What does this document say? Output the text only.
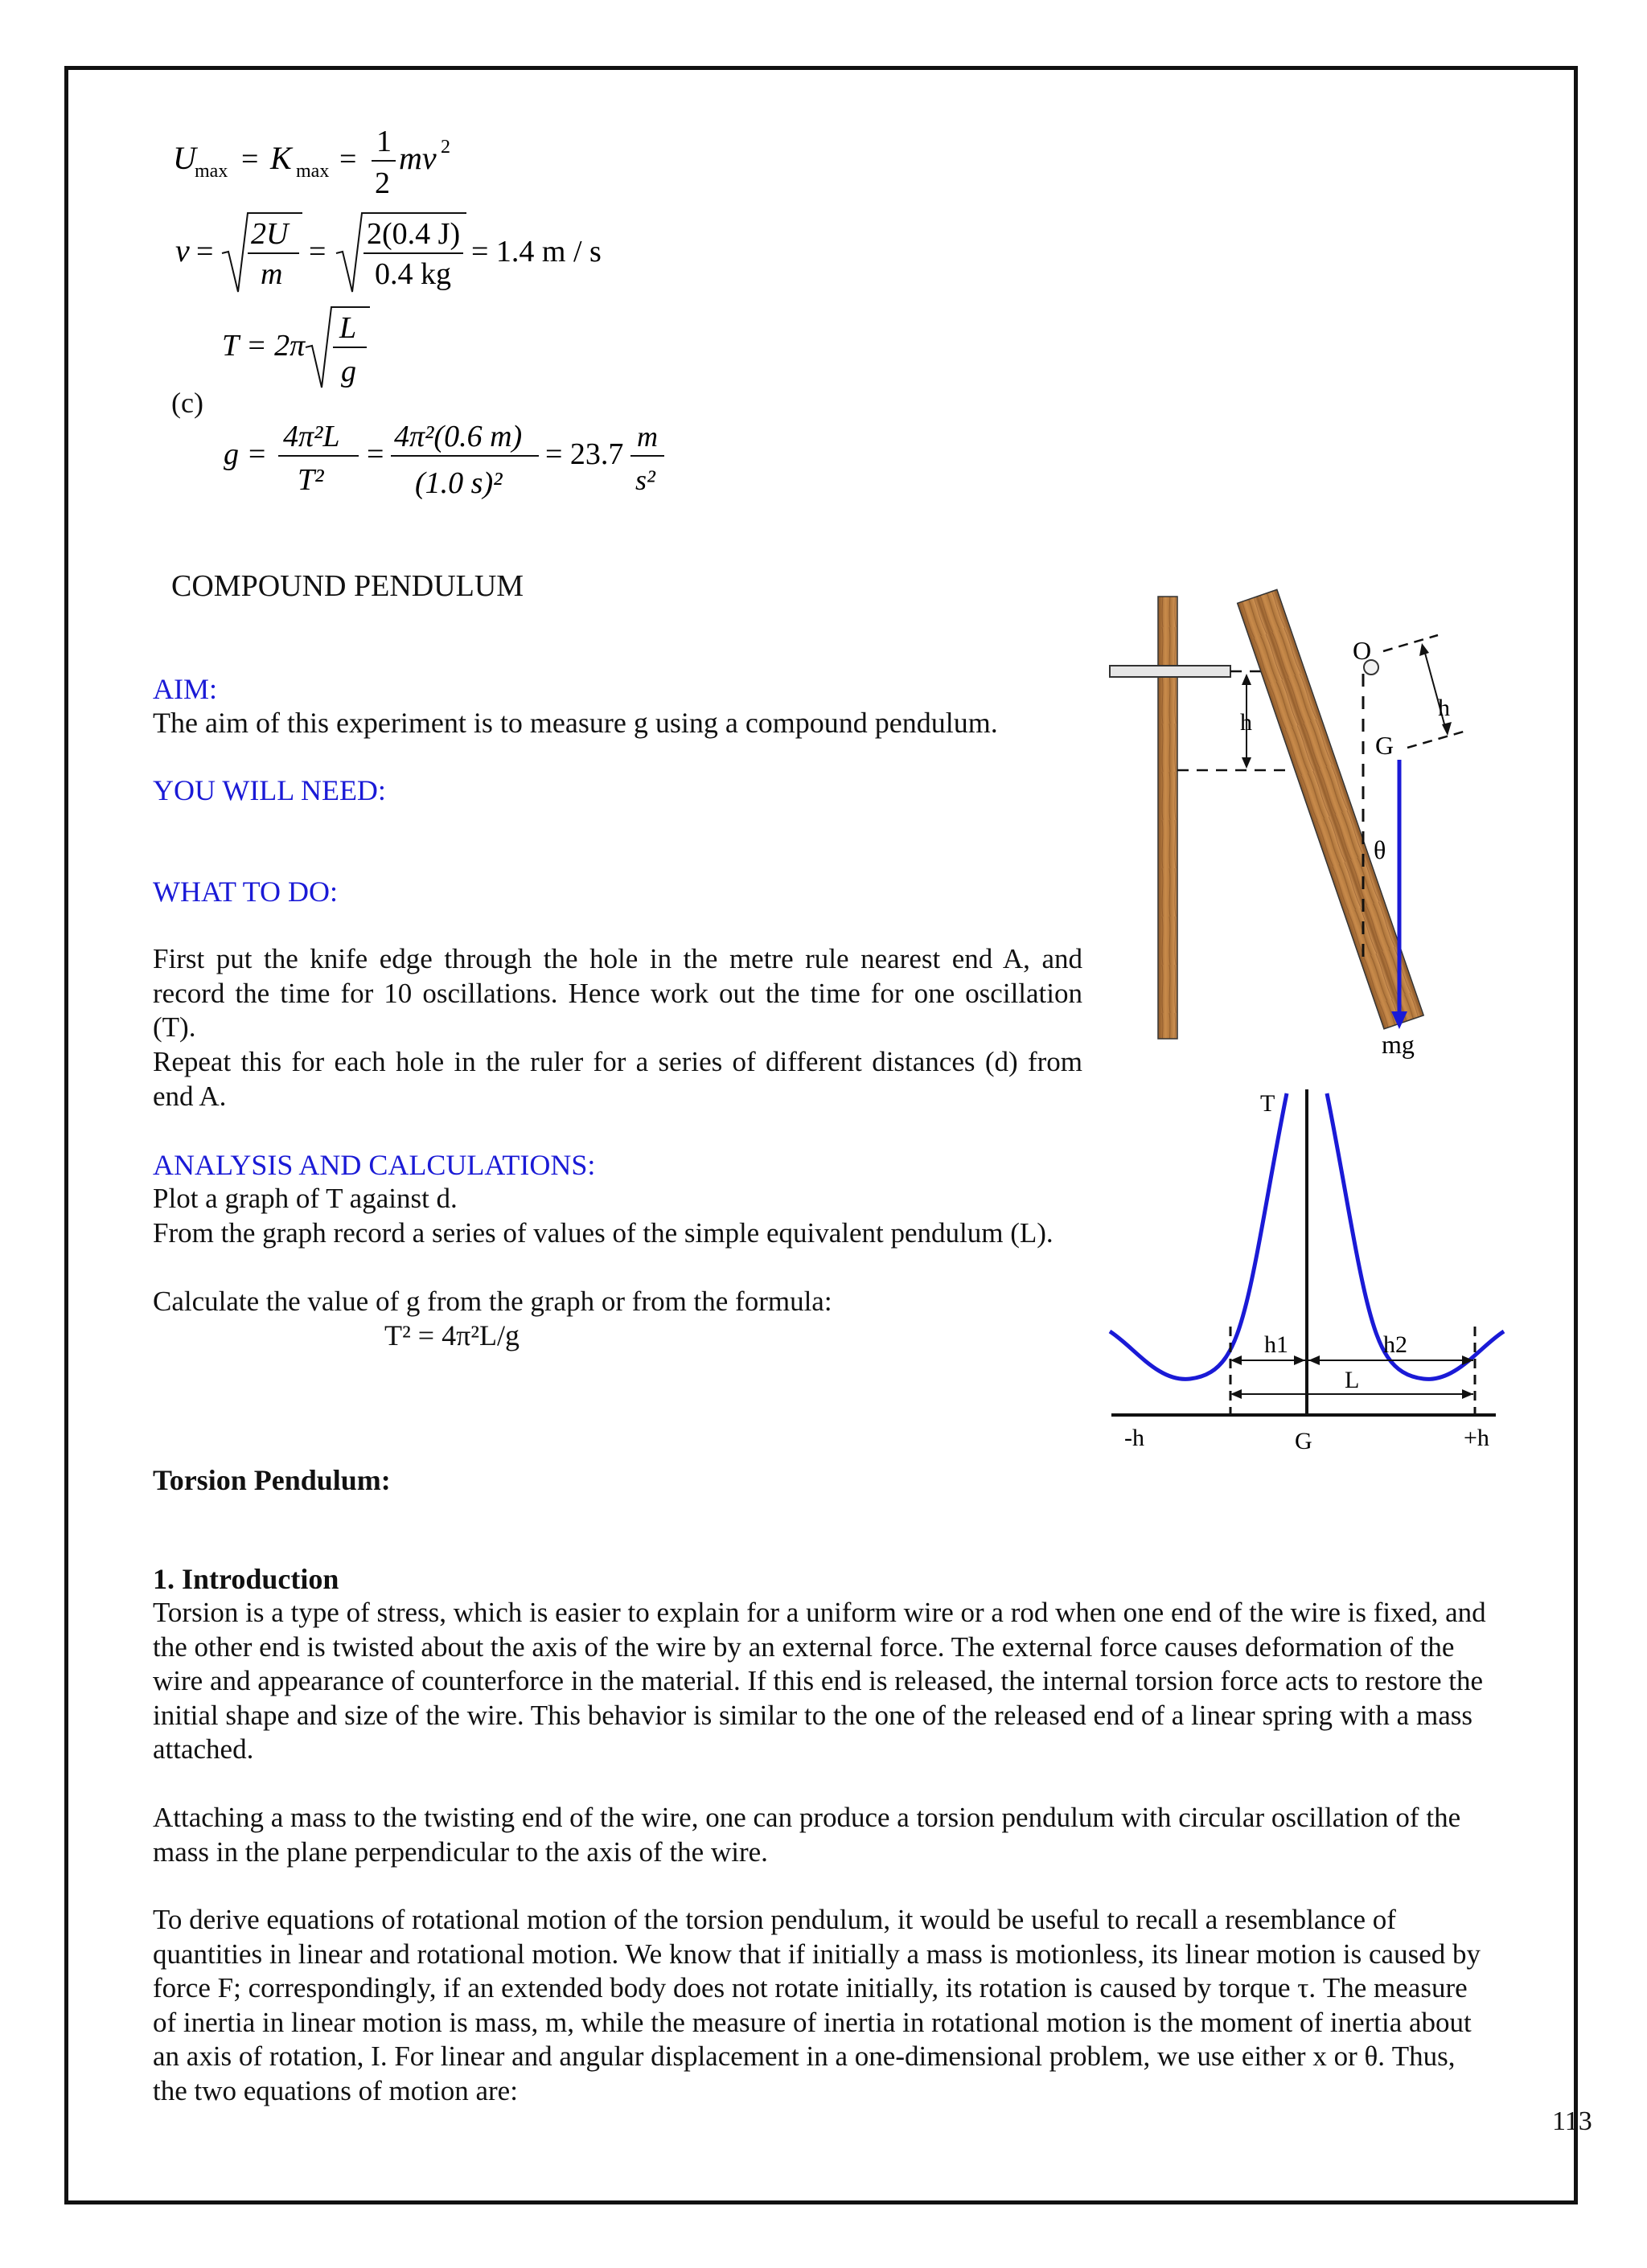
U
max = K max =
1
2
mv 2
v =
2U
m
=
2(0.4 J)
0.4 kg
= 1.4 m / s
T = 2π
L
g
(c)
g =
4π²L
T²
=
4π²(0.6 m)
(1.0 s)²
= 23.7
m
s²
COMPOUND PENDULUM
AIM:
The aim of this experiment is to measure g using a compound pendulum.
YOU WILL NEED:
WHAT TO DO:

First put the knife edge through the hole in the metre rule nearest end A, and record the time for 10 oscillations. Hence work out the time for one oscillation (T).

Repeat this for each hole in the ruler for a series of different distances (d) from end A.

ANALYSIS AND CALCULATIONS:

Plot a graph of T against d.

From the graph record a series of values of the simple equivalent pendulum (L).

Calculate the value of g from the graph or from the formula:

T² = 4π²L/g
h
O
G
θ
mg
h
T
h1	h2
L
-h	G	+h
Torsion Pendulum:
1. Introduction

Torsion is a type of stress, which is easier to explain for a uniform wire or a rod when one end of the wire is fixed, and the other end is twisted about the axis of the wire by an external force. The external force causes deformation of the wire and appearance of counterforce in the material. If this end is released, the internal torsion force acts to restore the initial shape and size of the wire. This behavior is similar to the one of the released end of a linear spring with a mass attached.

Attaching a mass to the twisting end of the wire, one can produce a torsion pendulum with circular oscillation of the mass in the plane perpendicular to the axis of the wire.

To derive equations of rotational motion of the torsion pendulum, it would be useful to recall a resemblance of quantities in linear and rotational motion. We know that if initially a mass is motionless, its linear motion is caused by force F; correspondingly, if an extended body does not rotate initially, its rotation is caused by torque τ. The measure of inertia in linear motion is mass, m, while the measure of inertia in rotational motion is the moment of inertia about an axis of rotation, I. For linear and angular displacement in a one-dimensional problem, we use either x or θ. Thus, the two equations of motion are:

113
